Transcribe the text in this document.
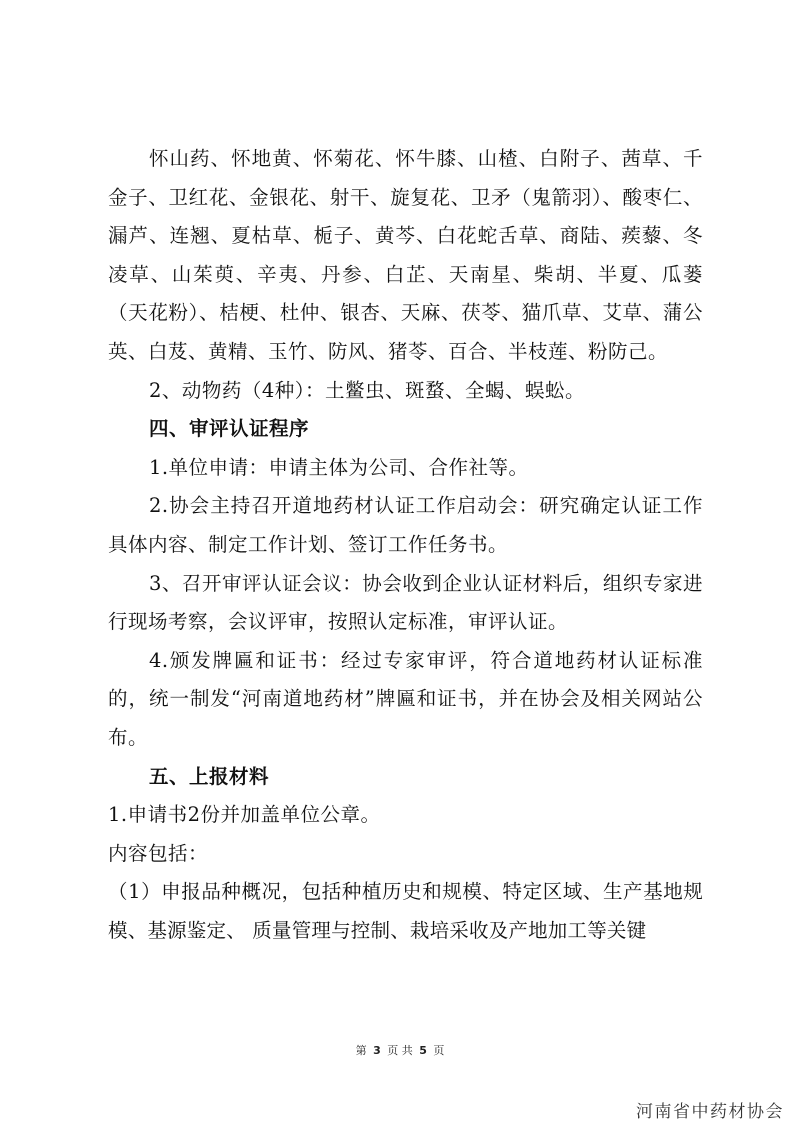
怀山药、怀地黄、怀菊花、怀牛膝、山楂、白附子、茜草、千金子、卫红花、金银花、射干、旋复花、卫矛（鬼箭羽）、酸枣仁、漏芦、连翘、夏枯草、栀子、黄芩、白花蛇舌草、商陆、蒺藜、冬凌草、山茱萸、辛夷、丹参、白芷、天南星、柴胡、半夏、瓜蒌（天花粉）、桔梗、杜仲、银杏、天麻、茯苓、猫爪草、艾草、蒲公英、白芨、黄精、玉竹、防风、猪苓、百合、半枝莲、粉防己。

2、动物药（4种）：土鳖虫、斑蝥、全蝎、蜈蚣。

四、审评认证程序

1.单位申请：申请主体为公司、合作社等。

2.协会主持召开道地药材认证工作启动会：研究确定认证工作具体内容、制定工作计划、签订工作任务书。

3、召开审评认证会议：协会收到企业认证材料后，组织专家进行现场考察，会议评审，按照认定标准，审评认证。

4.颁发牌匾和证书：经过专家审评，符合道地药材认证标准的，统一制发“河南道地药材”牌匾和证书，并在协会及相关网站公布。

五、上报材料

1.申请书2份并加盖单位公章。

内容包括：

（1）申报品种概况，包括种植历史和规模、特定区域、生产基地规模、基源鉴定、 质量管理与控制、栽培采收及产地加工等关键

第 3 页 共 5 页
河南省中药材协会
